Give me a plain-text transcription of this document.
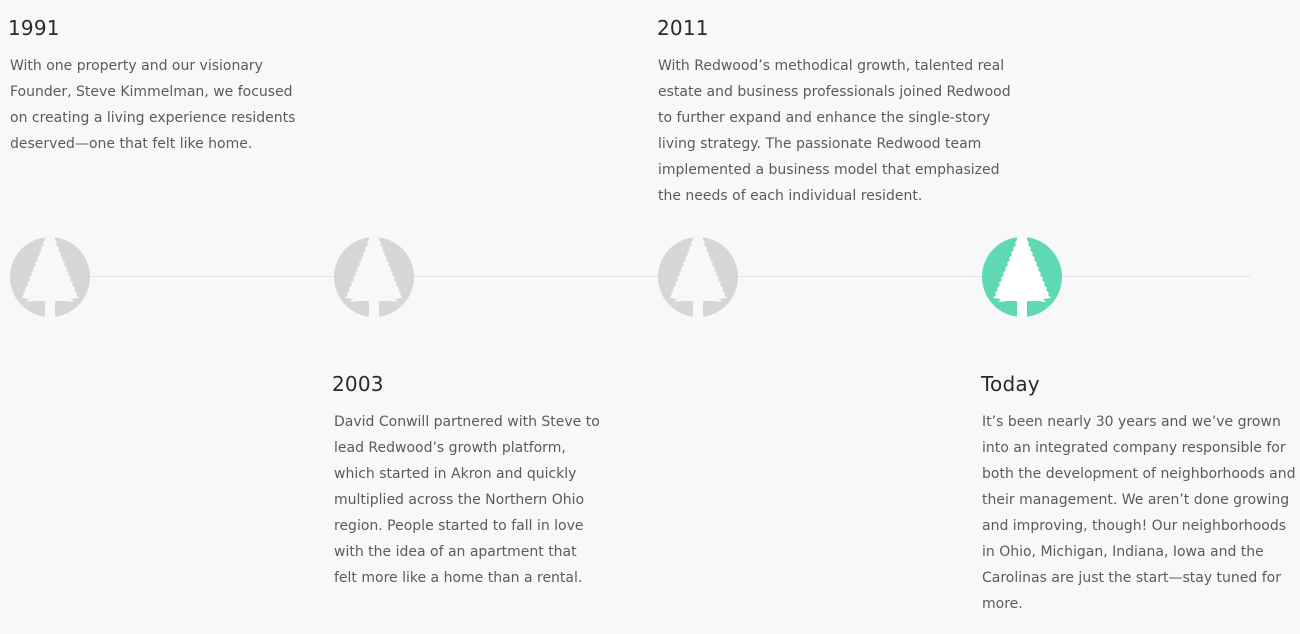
1991

With one property and our visionary Founder, Steve Kimmelman, we focused on creating a living experience residents deserved—one that felt like home.

2011

With Redwood’s methodical growth, talented real estate and business professionals joined Redwood to further expand and enhance the single-story living strategy. The passionate Redwood team implemented a business model that emphasized the needs of each individual resident.

2003

David Conwill partnered with Steve to lead Redwood’s growth platform, which started in Akron and quickly multiplied across the Northern Ohio region. People started to fall in love with the idea of an apartment that felt more like a home than a rental.

Today

It’s been nearly 30 years and we’ve grown into an integrated company responsible for both the development of neighborhoods and their management. We aren’t done growing and improving, though! Our neighborhoods in Ohio, Michigan, Indiana, Iowa and the Carolinas are just the start—stay tuned for more.
